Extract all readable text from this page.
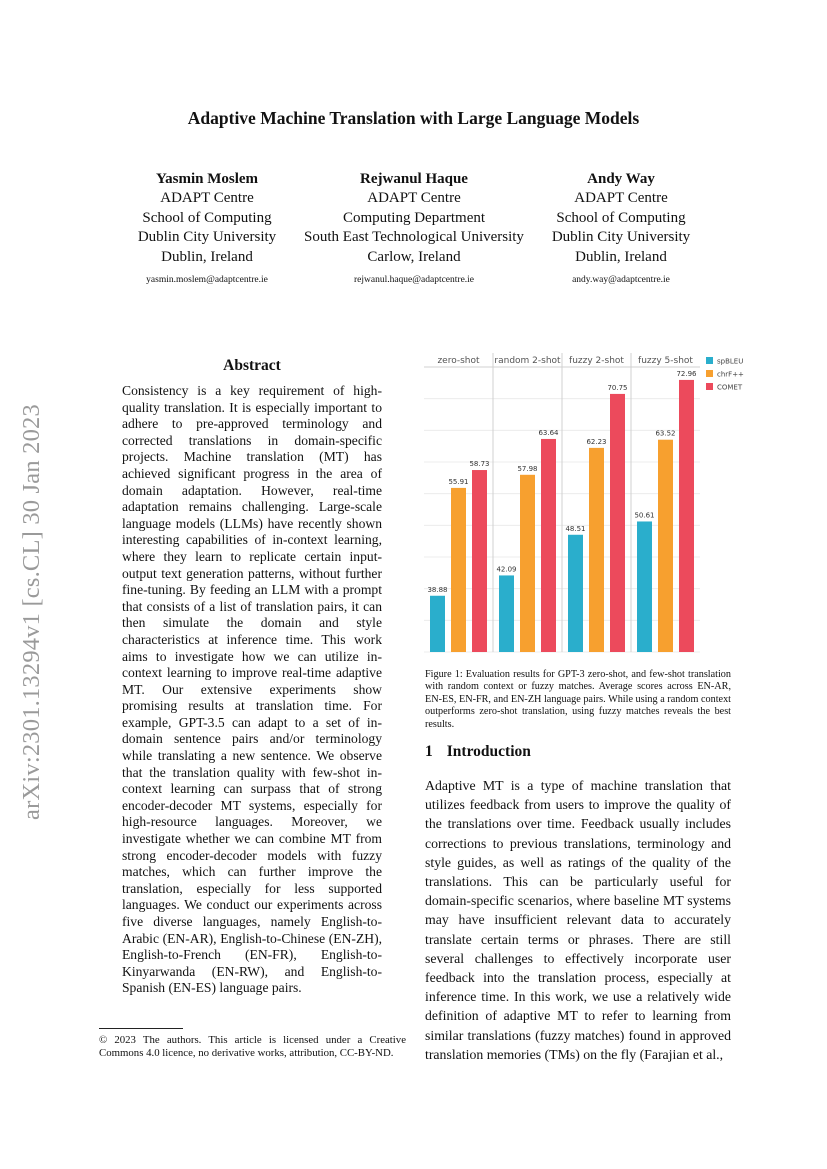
Adaptive Machine Translation with Large Language Models
Yasmin Moslem
ADAPT Centre
School of Computing
Dublin City University
Dublin, Ireland
yasmin.moslem@adaptcentre.ie
Rejwanul Haque
ADAPT Centre
Computing Department
South East Technological University
Carlow, Ireland
rejwanul.haque@adaptcentre.ie
Andy Way
ADAPT Centre
School of Computing
Dublin City University
Dublin, Ireland
andy.way@adaptcentre.ie
arXiv:2301.13294v1 [cs.CL] 30 Jan 2023
Abstract
Consistency is a key requirement of high-quality translation. It is especially important to adhere to pre-approved terminology and corrected translations in domain-specific projects. Machine translation (MT) has achieved significant progress in the area of domain adaptation. However, real-time adaptation remains challenging. Large-scale language models (LLMs) have recently shown interesting capabilities of in-context learning, where they learn to replicate certain input-output text generation patterns, without further fine-tuning. By feeding an LLM with a prompt that consists of a list of translation pairs, it can then simulate the domain and style characteristics at inference time. This work aims to investigate how we can utilize in-context learning to improve real-time adaptive MT. Our extensive experiments show promising results at translation time. For example, GPT-3.5 can adapt to a set of in-domain sentence pairs and/or terminology while translating a new sentence. We observe that the translation quality with few-shot in-context learning can surpass that of strong encoder-decoder MT systems, especially for high-resource languages. Moreover, we investigate whether we can combine MT from strong encoder-decoder models with fuzzy matches, which can further improve the translation, especially for less supported languages. We conduct our experiments across five diverse languages, namely English-to-Arabic (EN-AR), English-to-Chinese (EN-ZH), English-to-French (EN-FR), English-to-Kinyarwanda (EN-RW), and English-to-Spanish (EN-ES) language pairs.
© 2023 The authors. This article is licensed under a Creative Commons 4.0 licence, no derivative works, attribution, CC-BY-ND.
zero-shot random 2-shot fuzzy 2-shot fuzzy 5-shot
38.88
55.91
58.73
42.09
57.98
63.64
48.51
62.23
70.75
50.61
63.52
72.96
spBLEU
chrF++
COMET
Figure 1: Evaluation results for GPT-3 zero-shot, and few-shot translation with random context or fuzzy matches. Average scores across EN-AR, EN-ES, EN-FR, and EN-ZH language pairs. While using a random context outperforms zero-shot translation, using fuzzy matches reveals the best results.
1 Introduction
Adaptive MT is a type of machine translation that utilizes feedback from users to improve the quality of the translations over time. Feedback usually includes corrections to previous translations, terminology and style guides, as well as ratings of the quality of the translations. This can be particularly useful for domain-specific scenarios, where baseline MT systems may have insufficient relevant data to accurately translate certain terms or phrases. There are still several challenges to effectively incorporate user feedback into the translation process, especially at inference time. In this work, we use a relatively wide definition of adaptive MT to refer to learning from similar translations (fuzzy matches) found in approved translation memories (TMs) on the fly (Farajian et al.,
